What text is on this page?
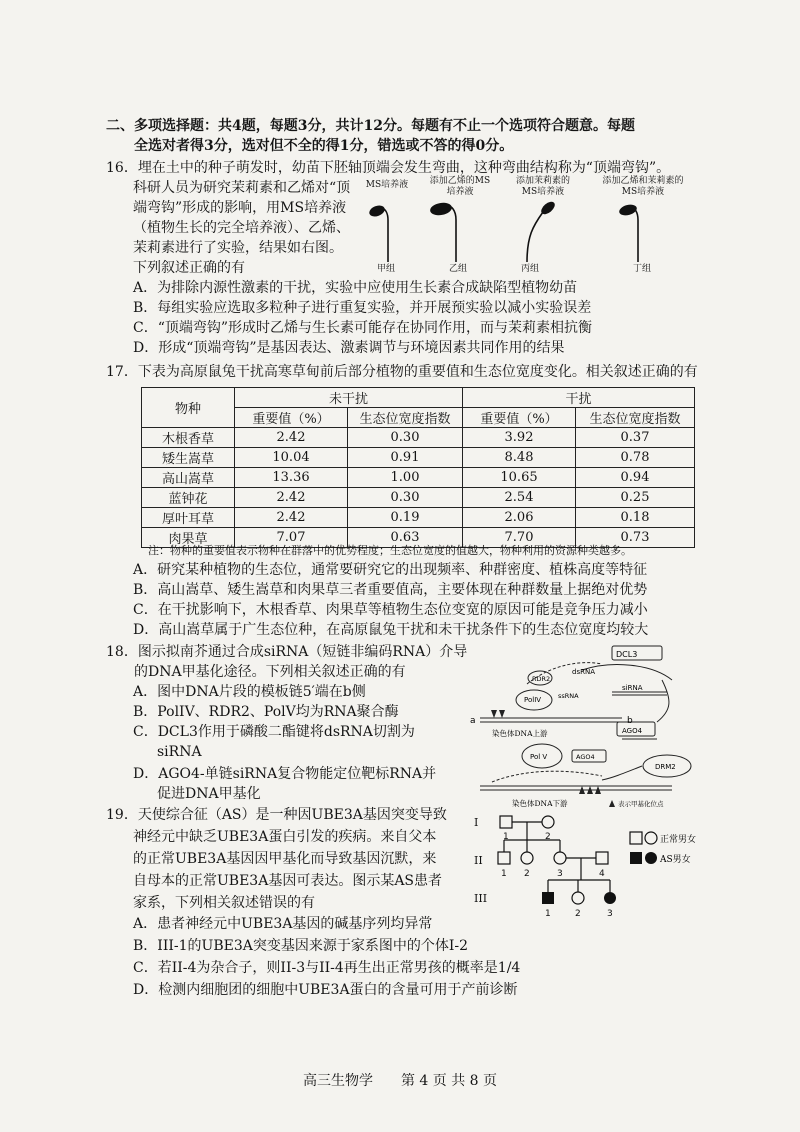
二、多项选择题：共4题，每题3分，共计12分。每题有不止一个选项符合题意。每题
全选对者得3分，选对但不全的得1分，错选或不答的得0分。
16．埋在土中的种子萌发时，幼苗下胚轴顶端会发生弯曲，这种弯曲结构称为“顶端弯钩”。
科研人员为研究茉莉素和乙烯对“顶
端弯钩”形成的影响，用MS培养液
（植物生长的完全培养液）、乙烯、
茉莉素进行了实验，结果如右图。
下列叙述正确的有
MS培养液	添加乙烯的MS培养液
添加茉莉素的MS培养液
添加乙烯和茉莉素的MS培养液
甲组	乙组	丙组	丁组
A．为排除内源性激素的干扰，实验中应使用生长素合成缺陷型植物幼苗
B．每组实验应选取多粒种子进行重复实验，并开展预实验以减小实验误差
C．“顶端弯钩”形成时乙烯与生长素可能存在协同作用，而与茉莉素相抗衡
D．形成“顶端弯钩”是基因表达、激素调节与环境因素共同作用的结果
17．下表为高原鼠兔干扰高寒草甸前后部分植物的重要值和生态位宽度变化。相关叙述正确的有
物种	未干扰		干扰	
	重要值（%）	生态位宽度指数	重要值（%）	生态位宽度指数
木根香草	2.42	0.30	3.92	0.37
矮生嵩草	10.04	0.91	8.48	0.78
高山嵩草	13.36	1.00	10.65	0.94
蓝钟花	2.42	0.30	2.54	0.25
厚叶耳草	2.42	0.19	2.06	0.18
肉果草	7.07	0.63	7.70	0.73
注：物种的重要值表示物种在群落中的优势程度；生态位宽度的值越大，物种利用的资源种类越多。
A．研究某种植物的生态位，通常要研究它的出现频率、种群密度、植株高度等特征
B．高山嵩草、矮生嵩草和肉果草三者重要值高，主要体现在种群数量上据绝对优势
C．在干扰影响下，木根香草、肉果草等植物生态位变宽的原因可能是竞争压力减小
D．高山嵩草属于广生态位种，在高原鼠兔干扰和未干扰条件下的生态位宽度均较大
18．图示拟南芥通过合成siRNA（短链非编码RNA）介导
的DNA甲基化途径。下列相关叙述正确的有
A．图中DNA片段的模板链5′端在b侧
B．PolIV、RDR2、PolV均为RNA聚合酶
C．DCL3作用于磷酸二酯键将dsRNA切割为
siRNA
D．AGO4-单链siRNA复合物能定位靶标RNA并
促进DNA甲基化
DCL3
RDR2
PolIV	ssRNA
dsRNA
siRNA
AGO4
Pol V	AGO4
DRM2
a	b
染色体DNA上游
染色体DNA下游	表示甲基化位点
19．天使综合征（AS）是一种因UBE3A基因突变导致
神经元中缺乏UBE3A蛋白引发的疾病。来自父本
的正常UBE3A基因因甲基化而导致基因沉默，来
自母本的正常UBE3A基因可表达。图示某AS患者
家系，下列相关叙述错误的有
I
II
III
1	2
1 2	3	4
1	2	3
正常男女
AS男女
A．患者神经元中UBE3A基因的碱基序列均异常
B．III-1的UBE3A突变基因来源于家系图中的个体I-2
C．若II-4为杂合子，则II-3与II-4再生出正常男孩的概率是1/4
D．检测内细胞团的细胞中UBE3A蛋白的含量可用于产前诊断
高三生物学　　第 4 页 共 8 页
